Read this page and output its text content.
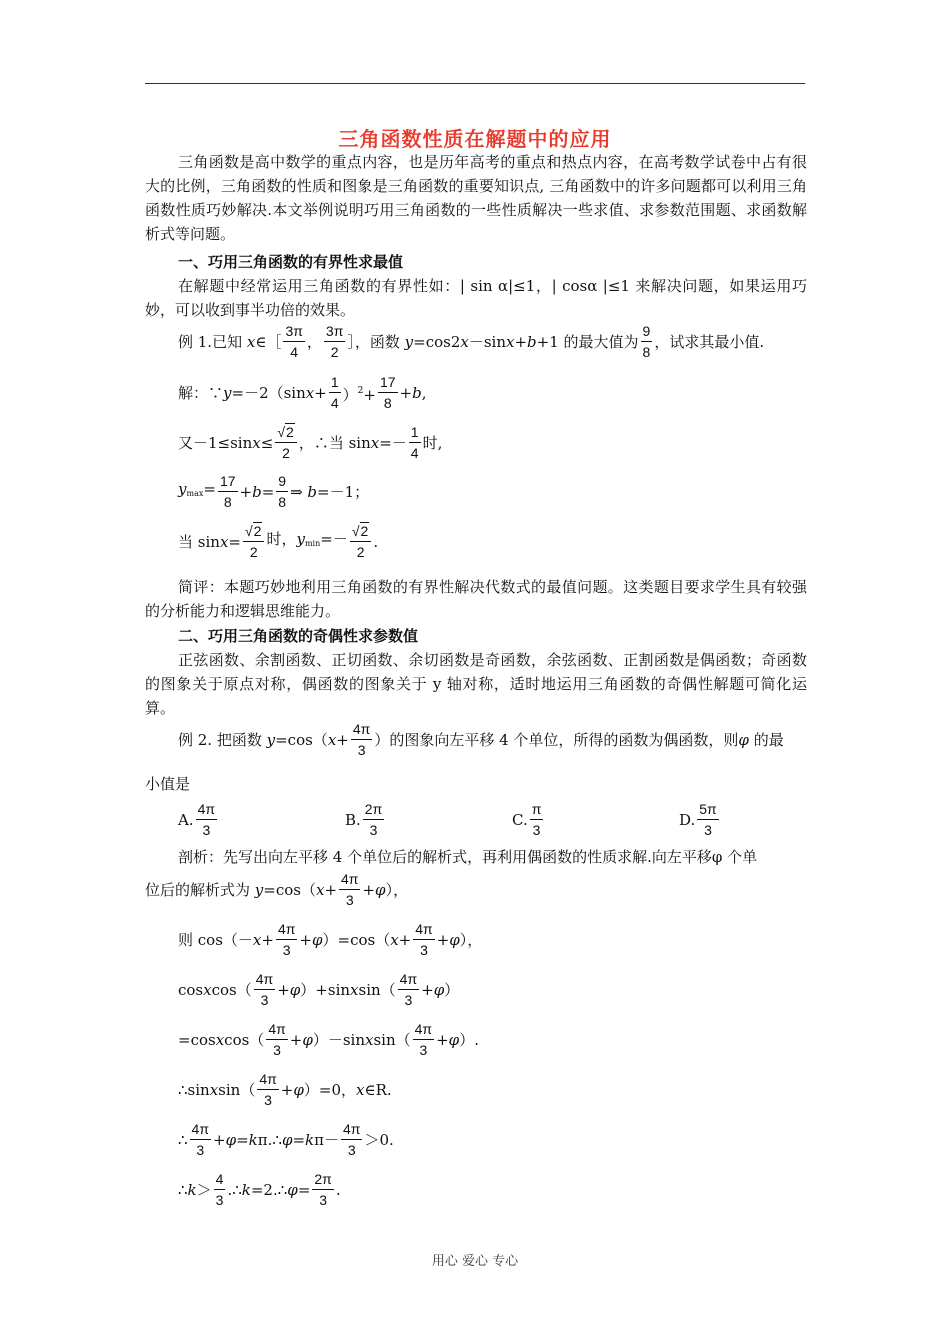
三角函数性质在解题中的应用
三角函数是高中数学的重点内容，也是历年高考的重点和热点内容，在高考数学试卷中占有很大的比例，三角函数的性质和图象是三角函数的重要知识点, 三角函数中的许多问题都可以利用三角函数性质巧妙解决.本文举例说明巧用三角函数的一些性质解决一些求值、求参数范围题、求函数解析式等问题。
一、巧用三角函数的有界性求最值
在解题中经常运用三角函数的有界性如：| sin α|≤1，| cosα |≤1 来解决问题，如果运用巧妙，可以收到事半功倍的效果。
例 1.已知 x∈［ $\frac{3\pi}{4}$ ， $\frac{3\pi}{2}$ ］，函数 y=cos2x－sinx+b+1 的最大值为 $\frac{9}{8}$ ，试求其最小值.
解：∵y=－2（sinx+ $\frac{1}{4} )^2+ \frac{17}{8} +b$,
又$-1\le\sin x\le \frac{√2}{2}$ ，∴当 $\sin x=- \frac{1}{4}$ 时,
$y_{max}= \frac{17}{8} +b= \frac{9}{8}$ ⇒ b=－1；
当 $\sin x= \frac{√2}{2}$ 时，$y_{min}=- \frac{√2}{2}$ .
简评：本题巧妙地利用三角函数的有界性解决代数式的最值问题。这类题目要求学生具有较强的分析能力和逻辑思维能力。
二、巧用三角函数的奇偶性求参数值
正弦函数、余割函数、正切函数、余切函数是奇函数，余弦函数、正割函数是偶函数；奇函数的图象关于原点对称，偶函数的图象关于 y 轴对称，适时地运用三角函数的奇偶性解题可简化运算。
例 2. 把函数 $y=\cos(x+ \frac{4\pi}{3}$ ）的图象向左平移 4 个单位，所得的函数为偶函数，则φ 的最
小值是
A. $\frac{4\pi}{3}$	B. $\frac{2\pi}{3}$	C. $\frac{\pi}{3}$	D. $\frac{5\pi}{3}$
剖析：先写出向左平移 4 个单位后的解析式，再利用偶函数的性质求解.向左平移φ 个单
位后的解析式为 $y=\cos(x+ \frac{4\pi}{3} +\varphi)$，
则 $\cos(-x+ \frac{4\pi}{3} +\varphi)=\cos(x+ \frac{4\pi}{3} +\varphi)$，
cosxcos（ $\frac{4\pi}{3}$ +φ）+sinxsin（ $\frac{4\pi}{3} +\varphi$）
=cosxcos（ $\frac{4\pi}{3}$ +φ）－sinxsin（ $\frac{4\pi}{3} +\varphi$）.
∴sinxsin（ $\frac{4\pi}{3} +\varphi)=0$，x∈R.
∴ $\frac{4\pi}{3}$ +φ=kπ.∴φ=kπ－ $\frac{4\pi}{3} >0$.
∴k＞ $\frac{4}{3}$ .∴k=2.∴φ= $\frac{2\pi}{3}$ .
用心 爱心 专心
